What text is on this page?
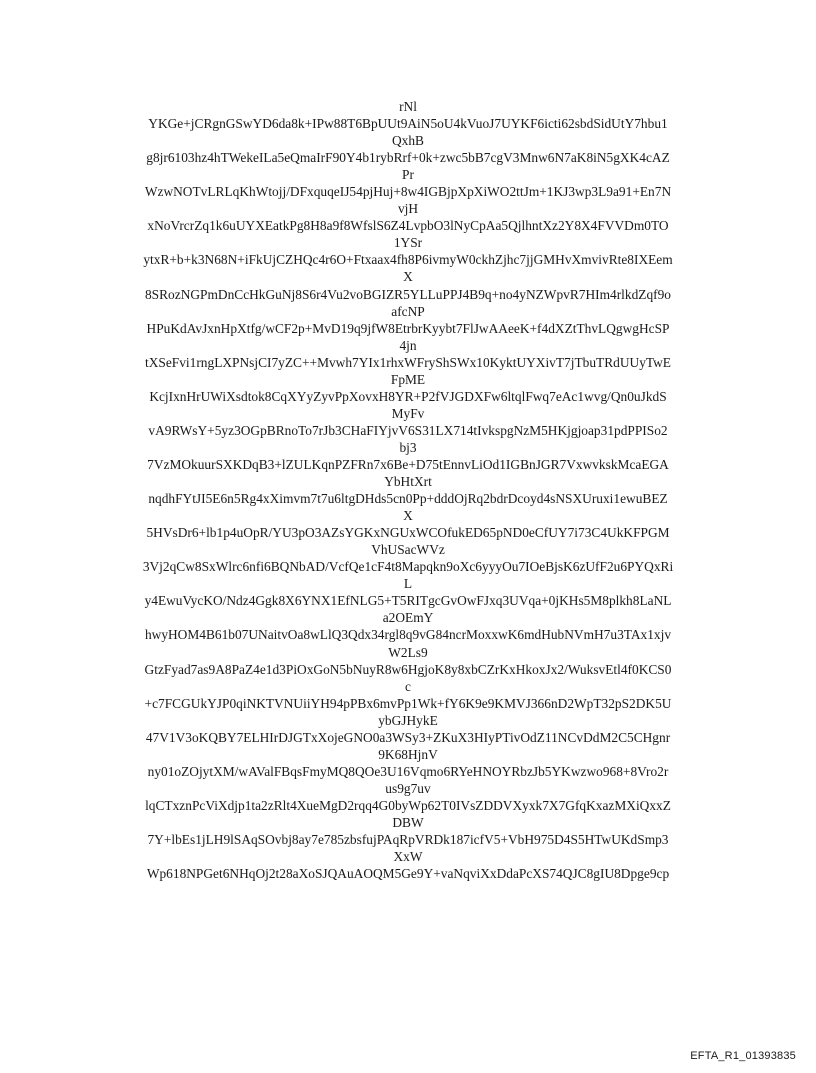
rNl
YKGe+jCRgnGSwYD6da8k+IPw88T6BpUUt9AiN5oU4kVuoJ7UYKF6icti62sbdSidUtY7hbu1
QxhB
g8jr6103hz4hTWekeILa5eQmaIrF90Y4b1rybRrf+0k+zwc5bB7cgV3Mnw6N7aK8iN5gXK4cAZ
Pr
WzwNOTvLRLqKhWtojj/DFxquqeIJ54pjHuj+8w4IGBjpXpXiWO2ttJm+1KJ3wp3L9a91+En7N
vjH
xNoVrcrZq1k6uUYXEatkPg8H8a9f8WfslS6Z4LvpbO3lNyCpAa5QjlhntXz2Y8X4FVVDm0TO
1YSr
ytxR+b+k3N68N+iFkUjCZHQc4r6O+Ftxaax4fh8P6ivmyW0ckhZjhc7jjGMHvXmvivRte8IXEem
X
8SRozNGPmDnCcHkGuNj8S6r4Vu2voBGIZR5YLLuPPJ4B9q+no4yNZWpvR7HIm4rlkdZqf9o
afcNP
HPuKdAvJxnHpXtfg/wCF2p+MvD19q9jfW8EtrbrKyybt7FlJwAAeeK+f4dXZtThvLQgwgHcSP
4jn
tXSeFvi1rngLXPNsjCI7yZC++Mvwh7YIx1rhxWFryShSWx10KyktUYXivT7jTbuTRdUUyTwE
FpME
KcjIxnHrUWiXsdtok8CqXYyZyvPpXovxH8YR+P2fVJGDXFw6ltqlFwq7eAc1wvg/Qn0uJkdS
MyFv
vA9RWsY+5yz3OGpBRnoTo7rJb3CHaFIYjvV6S31LX714tIvkspgNzM5HKjgjoap31pdPPISo2
bj3
7VzMOkuurSXKDqB3+lZULKqnPZFRn7x6Be+D75tEnnvLiOd1IGBnJGR7VxwvkskMcaEGA
YbHtXrt
nqdhFYtJI5E6n5Rg4xXimvm7t7u6ltgDHds5cn0Pp+dddOjRq2bdrDcoyd4sNSXUruxi1ewuBEZ
X
5HVsDr6+lb1p4uOpR/YU3pO3AZsYGKxNGUxWCOfukED65pND0eCfUY7i73C4UkKFPGM
VhUSacWVz
3Vj2qCw8SxWlrc6nfi6BQNbAD/VcfQe1cF4t8Mapqkn9oXc6yyyOu7IOeBjsK6zUfF2u6PYQxRi
L
y4EwuVycKO/Ndz4Ggk8X6YNX1EfNLG5+T5RITgcGvOwFJxq3UVqa+0jKHs5M8plkh8LaNL
a2OEmY
hwyHOM4B61b07UNaitvOa8wLlQ3Qdx34rgl8q9vG84ncrMoxxwK6mdHubNVmH7u3TAx1xjv
W2Ls9
GtzFyad7as9A8PaZ4e1d3PiOxGoN5bNuyR8w6HgjoK8y8xbCZrKxHkoxJx2/WuksvEtl4f0KCS0
c
+c7FCGUkYJP0qiNKTVNUiiYH94pPBx6mvPp1Wk+fY6K9e9KMVJ366nD2WpT32pS2DK5U
ybGJHykE
47V1V3oKQBY7ELHIrDJGTxXojeGNO0a3WSy3+ZKuX3HIyPTivOdZ11NCvDdM2C5CHgnr
9K68HjnV
ny01oZOjytXM/wAValFBqsFmyMQ8QOe3U16Vqmo6RYeHNOYRbzJb5YKwzwo968+8Vro2r
us9g7uv
lqCTxznPcViXdjp1ta2zRlt4XueMgD2rqq4G0byWp62T0IVsZDDVXyxk7X7GfqKxazMXiQxxZ
DBW
7Y+lbEs1jLH9lSAqSOvbj8ay7e785zbsfujPAqRpVRDk187icfV5+VbH975D4S5HTwUKdSmp3
XxW
Wp618NPGet6NHqOj2t28aXoSJQAuAOQM5Ge9Y+vaNqviXxDdaPcXS74QJC8gIU8Dpge9cp
EFTA_R1_01393835
